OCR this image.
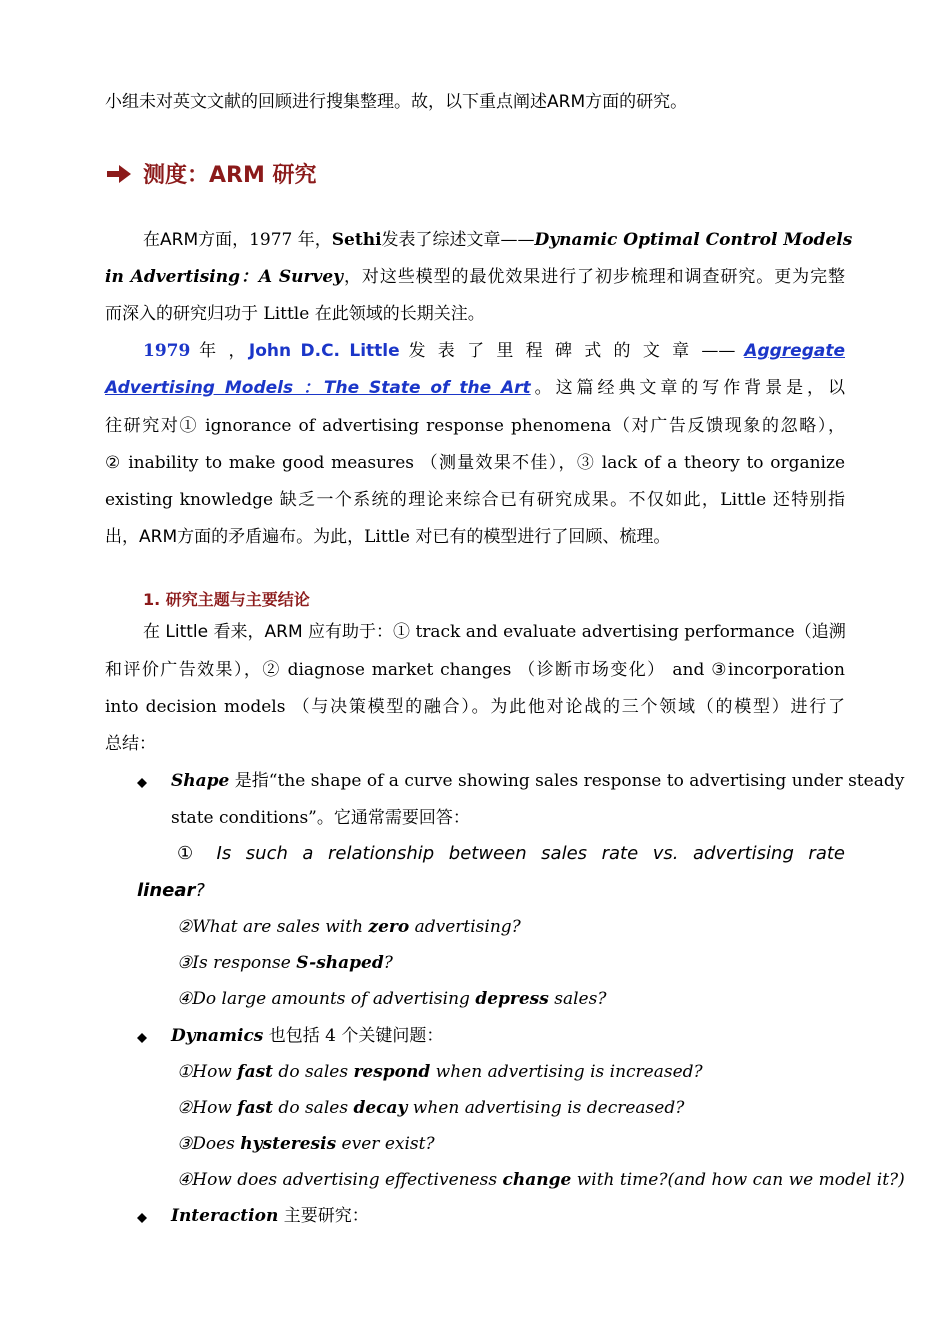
小组未对英文文献的回顾进行搜集整理。故，以下重点阐述ARM方面的研究。
测度：ARM 研究
在ARM方面，1977 年，Sethi发表了综述文章——Dynamic Optimal Control Models
in Advertising：A Survey，对这些模型的最优效果进行了初步梳理和调查研究。更为完整
而深入的研究归功于 Little 在此领域的长期关注。
1979 年 ，John D.C. Little 发 表 了 里 程 碑 式 的 文 章 —— Aggregate
Advertising Models ：The State of the Art。这篇经典文章的写作背景是，以
往研究对① ignorance of advertising response phenomena（对广告反馈现象的忽略），
② inability to make good measures （测量效果不佳），③ lack of a theory to organize
existing knowledge 缺乏一个系统的理论来综合已有研究成果。不仅如此，Little 还特别指
出，ARM方面的矛盾遍布。为此，Little 对已有的模型进行了回顾、梳理。
1. 研究主题与主要结论
在 Little 看来，ARM 应有助于：① track and evaluate advertising performance（追溯
和评价广告效果），② diagnose market changes （诊断市场变化） and ③incorporation
into decision models （与决策模型的融合）。为此他对论战的三个领域（的模型）进行了
总结：
Shape 是指“the shape of a curve showing sales response to advertising under steady
state conditions”。它通常需要回答：
① Is such a relationship between sales rate vs. advertising rate
linear?
②What are sales with zero advertising?
③Is response S-shaped?
④Do large amounts of advertising depress sales?
Dynamics 也包括 4 个关键问题：
①How fast do sales respond when advertising is increased?
②How fast do sales decay when advertising is decreased?
③Does hysteresis ever exist?
④How does advertising effectiveness change with time?(and how can we model it?)
Interaction 主要研究：
